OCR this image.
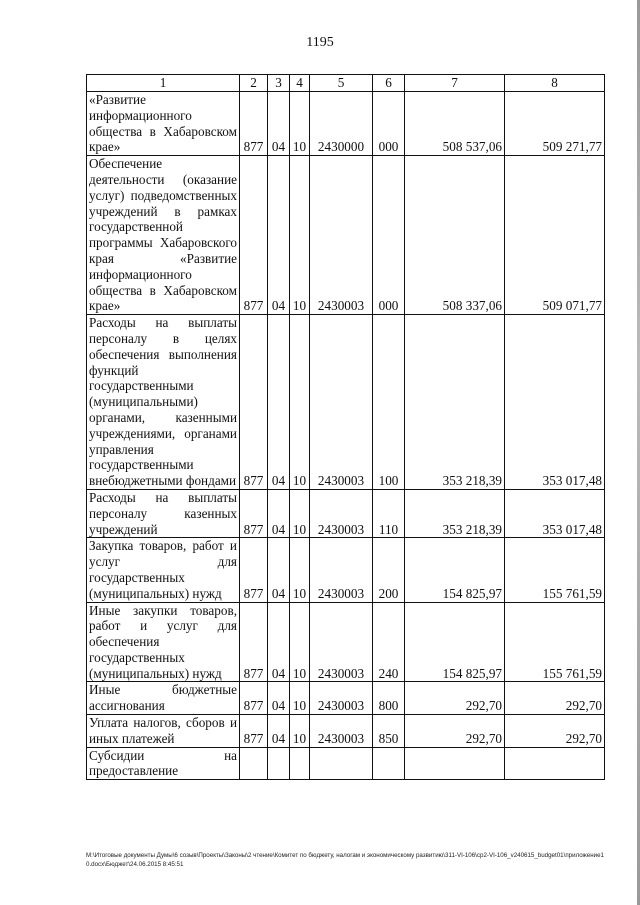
1195
1	2	3	4	5	6	7	8
«Развитие информационного общества в Хабаровском крае»	877	04	10	2430000	000	508 537,06	509 271,77
Обеспечение деятельности (оказание услуг) подведомственных учреждений в рамках государственной программы Хабаровского края «Развитие информационного общества в Хабаровском крае»	877	04	10	2430003	000	508 337,06	509 071,77
Расходы на выплаты персоналу в целях обеспечения выполнения функций государственными (муниципальными) органами, казенными учреждениями, органами управления государственными внебюджетными фондами	877	04	10	2430003	100	353 218,39	353 017,48
Расходы на выплаты персоналу казенных учреждений	877	04	10	2430003	110	353 218,39	353 017,48
Закупка товаров, работ и услуг для государственных (муниципальных) нужд	877	04	10	2430003	200	154 825,97	155 761,59
Иные закупки товаров, работ и услуг для обеспечения государственных (муниципальных) нужд	877	04	10	2430003	240	154 825,97	155 761,59
Иные бюджетные ассигнования	877	04	10	2430003	800	292,70	292,70
Уплата налогов, сборов и иных платежей	877	04	10	2430003	850	292,70	292,70
Субсидии на предоставление							
M:\Итоговые документы Думы\6 созыв\Проекты\Законы\2 чтение\Комитет по бюджету, налогам и экономическому развитию\311-VI-106\ср2-VI-106_v240615_budget01\приложение10.docx\Бюджет\24.06.2015 8:45:51
